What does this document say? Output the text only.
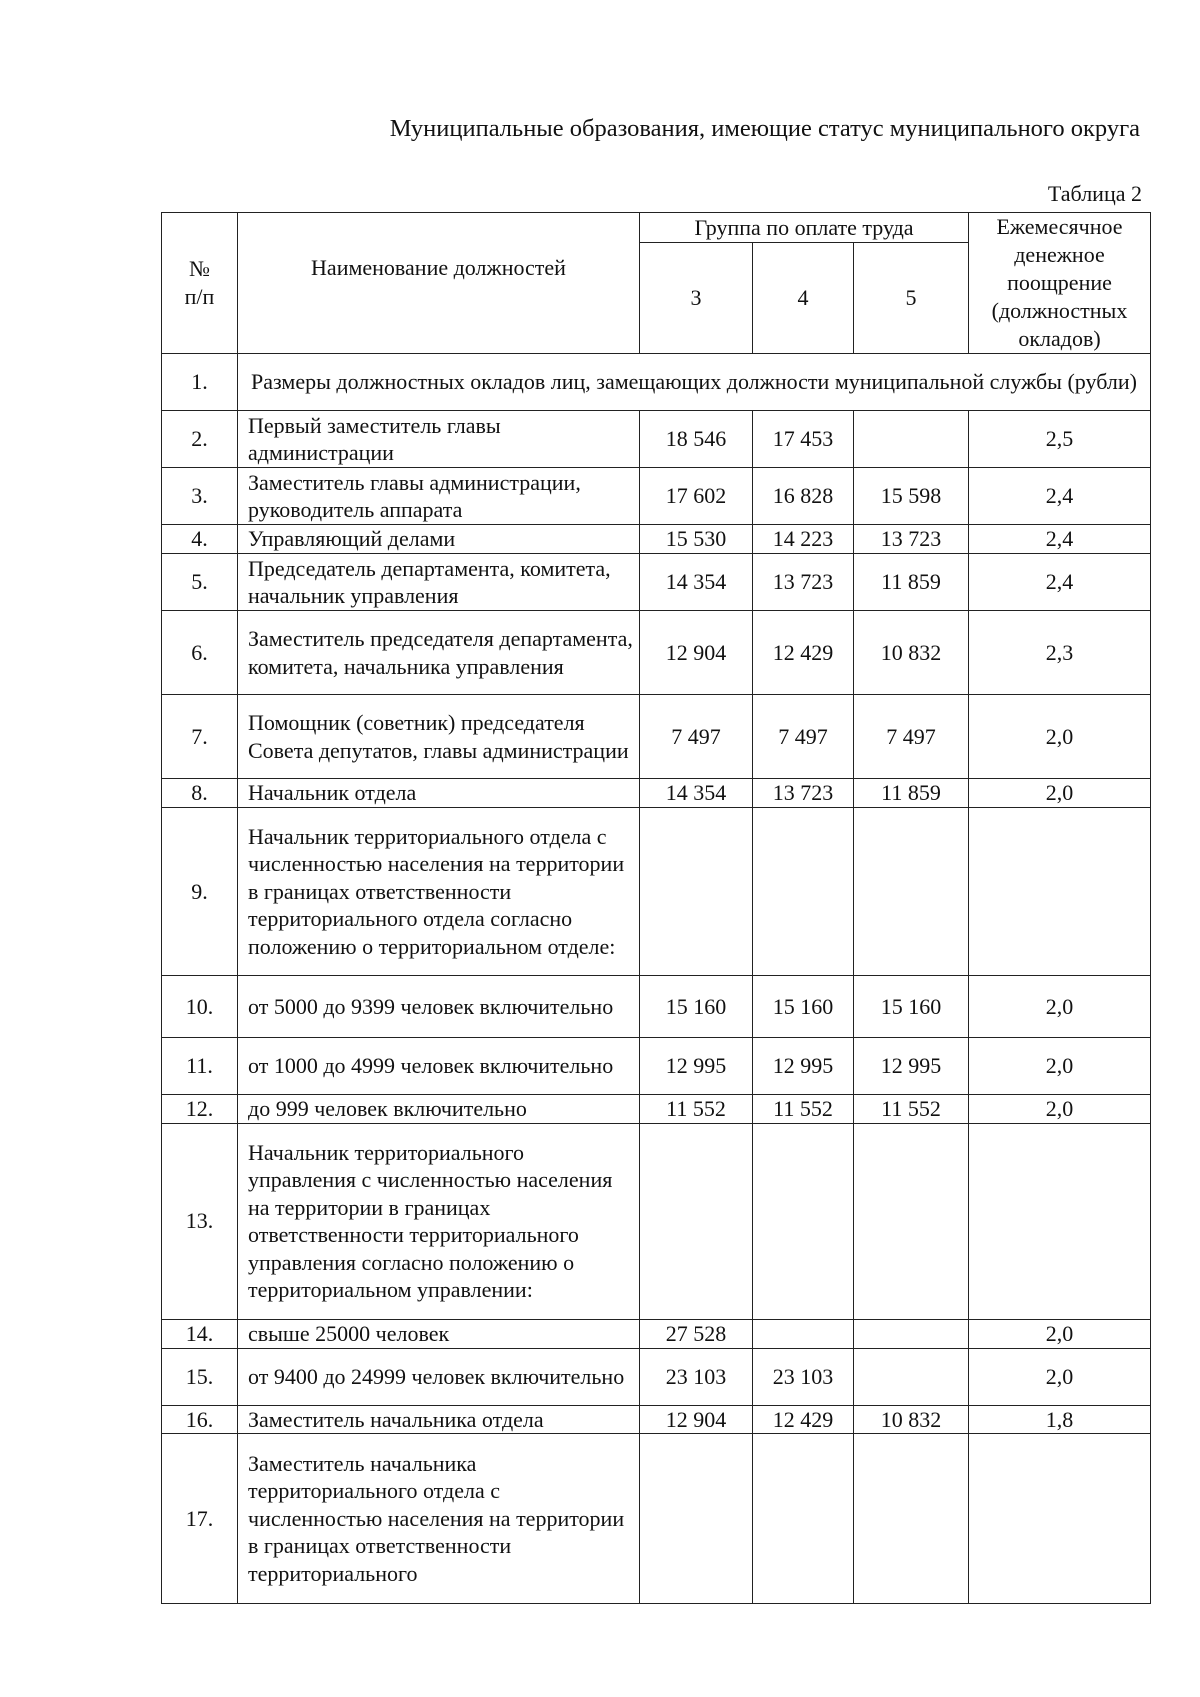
Муниципальные образования, имеющие статус муниципального округа
Таблица 2
№
п/п	Наименование должностей	Группа по оплате труда			Ежемесячное денежное поощрение (должностных окладов)
		3	4	5	
1.	Размеры должностных окладов лиц, замещающих должности муниципальной службы (рубли)				
2.	Первый заместитель главы администрации	18 546	17 453		2,5
3.	Заместитель главы администрации, руководитель аппарата	17 602	16 828	15 598	2,4
4.	Управляющий делами	15 530	14 223	13 723	2,4
5.	Председатель департамента, комитета, начальник управления	14 354	13 723	11 859	2,4
6.	Заместитель председателя департамента, комитета, начальника управления	12 904	12 429	10 832	2,3
7.	Помощник (советник) председателя Совета депутатов, главы администрации	7 497	7 497	7 497	2,0
8.	Начальник отдела	14 354	13 723	11 859	2,0
9.	Начальник территориального отдела с численностью населения на территории в границах ответственности территориального отдела согласно положению о территориальном отделе:				
10.	от 5000 до 9399 человек включительно	15 160	15 160	15 160	2,0
11.	от 1000 до 4999 человек включительно	12 995	12 995	12 995	2,0
12.	до 999 человек включительно	11 552	11 552	11 552	2,0
13.	Начальник территориального управления с численностью населения на территории в границах ответственности территориального управления согласно положению о территориальном управлении:				
14.	свыше 25000 человек	27 528			2,0
15.	от 9400 до 24999 человек включительно	23 103	23 103		2,0
16.	Заместитель начальника отдела	12 904	12 429	10 832	1,8
17.	Заместитель начальника территориального отдела с численностью населения на территории в границах ответственности территориального				
